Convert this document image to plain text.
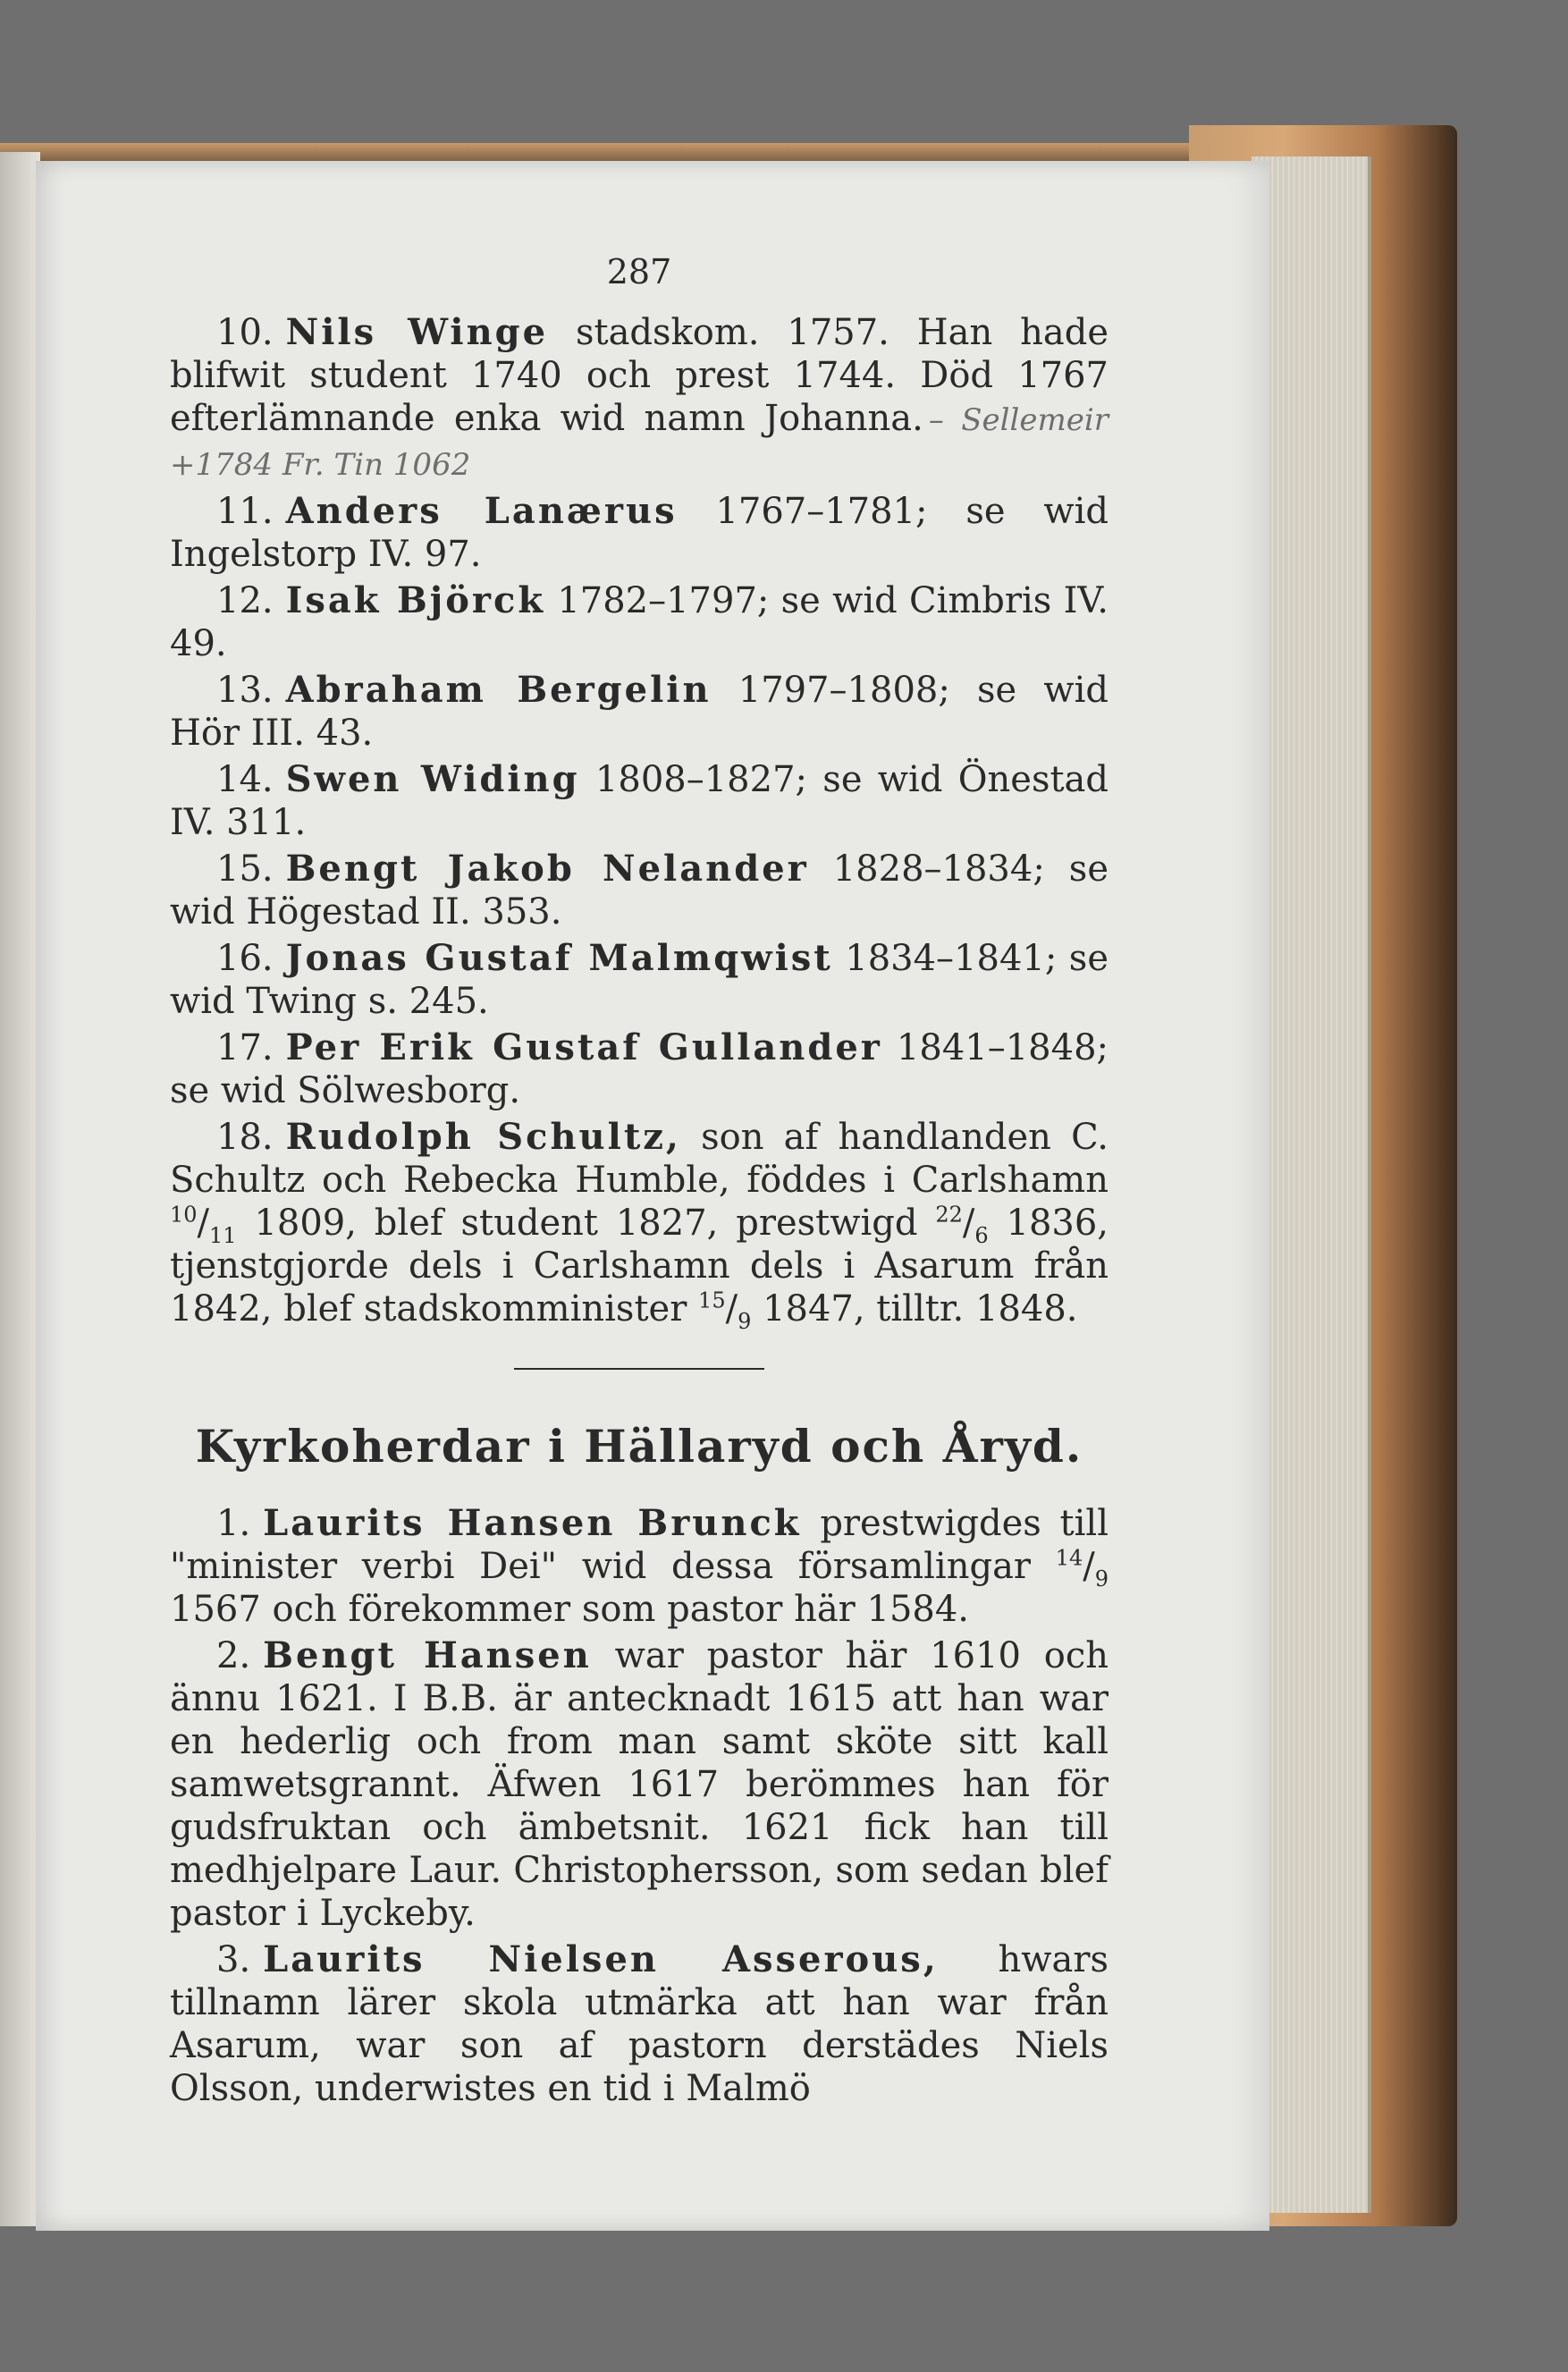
287

10. Nils Winge stadskom. 1757. Han hade blifwit student 1740 och prest 1744. Död 1767 efterlämnande enka wid namn Johanna. – Sellemeir +1784 Fr. Tin 1062

11. Anders Lanærus 1767–1781; se wid Ingelstorp IV. 97.

12. Isak Björck 1782–1797; se wid Cimbris IV. 49.

13. Abraham Bergelin 1797–1808; se wid Hör III. 43.

14. Swen Widing 1808–1827; se wid Önestad IV. 311.

15. Bengt Jakob Nelander 1828–1834; se wid Högestad II. 353.

16. Jonas Gustaf Malmqwist 1834–1841; se wid Twing s. 245.

17. Per Erik Gustaf Gullander 1841–1848; se wid Sölwesborg.

18. Rudolph Schultz, son af handlanden C. Schultz och Rebecka Humble, föddes i Carlshamn $^{10}/_{11}$ 1809, blef student 1827, prestwigd $^{22}/_6$ 1836, tjenstgjorde dels i Carlshamn dels i Asarum från 1842, blef stadskomminister $^{15}/_9$ 1847, tilltr. 1848.

Kyrkoherdar i Hällaryd och Åryd.

1. Laurits Hansen Brunck prestwigdes till "minister verbi Dei" wid dessa församlingar $^{14}/_9$ 1567 och förekommer som pastor här 1584.

2. Bengt Hansen war pastor här 1610 och ännu 1621. I B.B. är antecknadt 1615 att han war en hederlig och from man samt sköte sitt kall samwetsgrannt. Äfwen 1617 berömmes han för gudsfruktan och ämbetsnit. 1621 fick han till medhjelpare Laur. Christophersson, som sedan blef pastor i Lyckeby.

3. Laurits Nielsen Asserous, hwars tillnamn lärer skola utmärka att han war från Asarum, war son af pastorn derstädes Niels Olsson, underwistes en tid i Malmö
